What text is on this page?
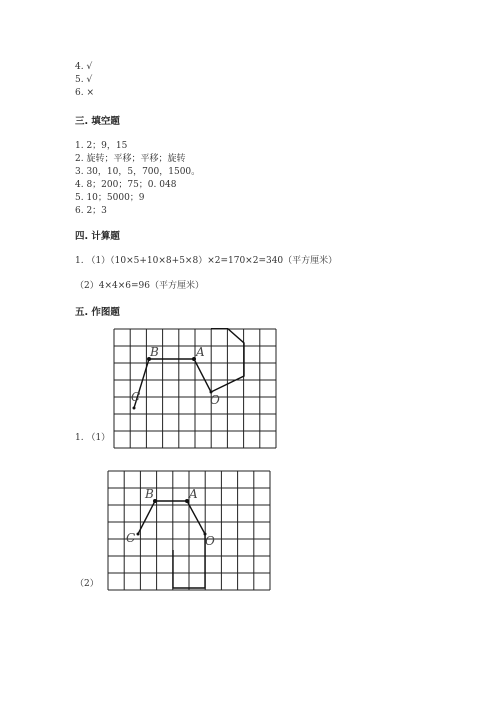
4. √
5. √
6. ×
三. 填空题
1. 2；9，15
2. 旋转；平移；平移；旋转
3. 30，10，5，700，1500。
4. 8；200；75；0. 048
5. 10；5000；9
6. 2；3
四. 计算题
1. （1）（10×5+10×8+5×8）×2=170×2=340（平方厘米）
（2）4×4×6=96（平方厘米）
五. 作图题
B	A
C	O
1. （1）
B	A
C	O
（2）
